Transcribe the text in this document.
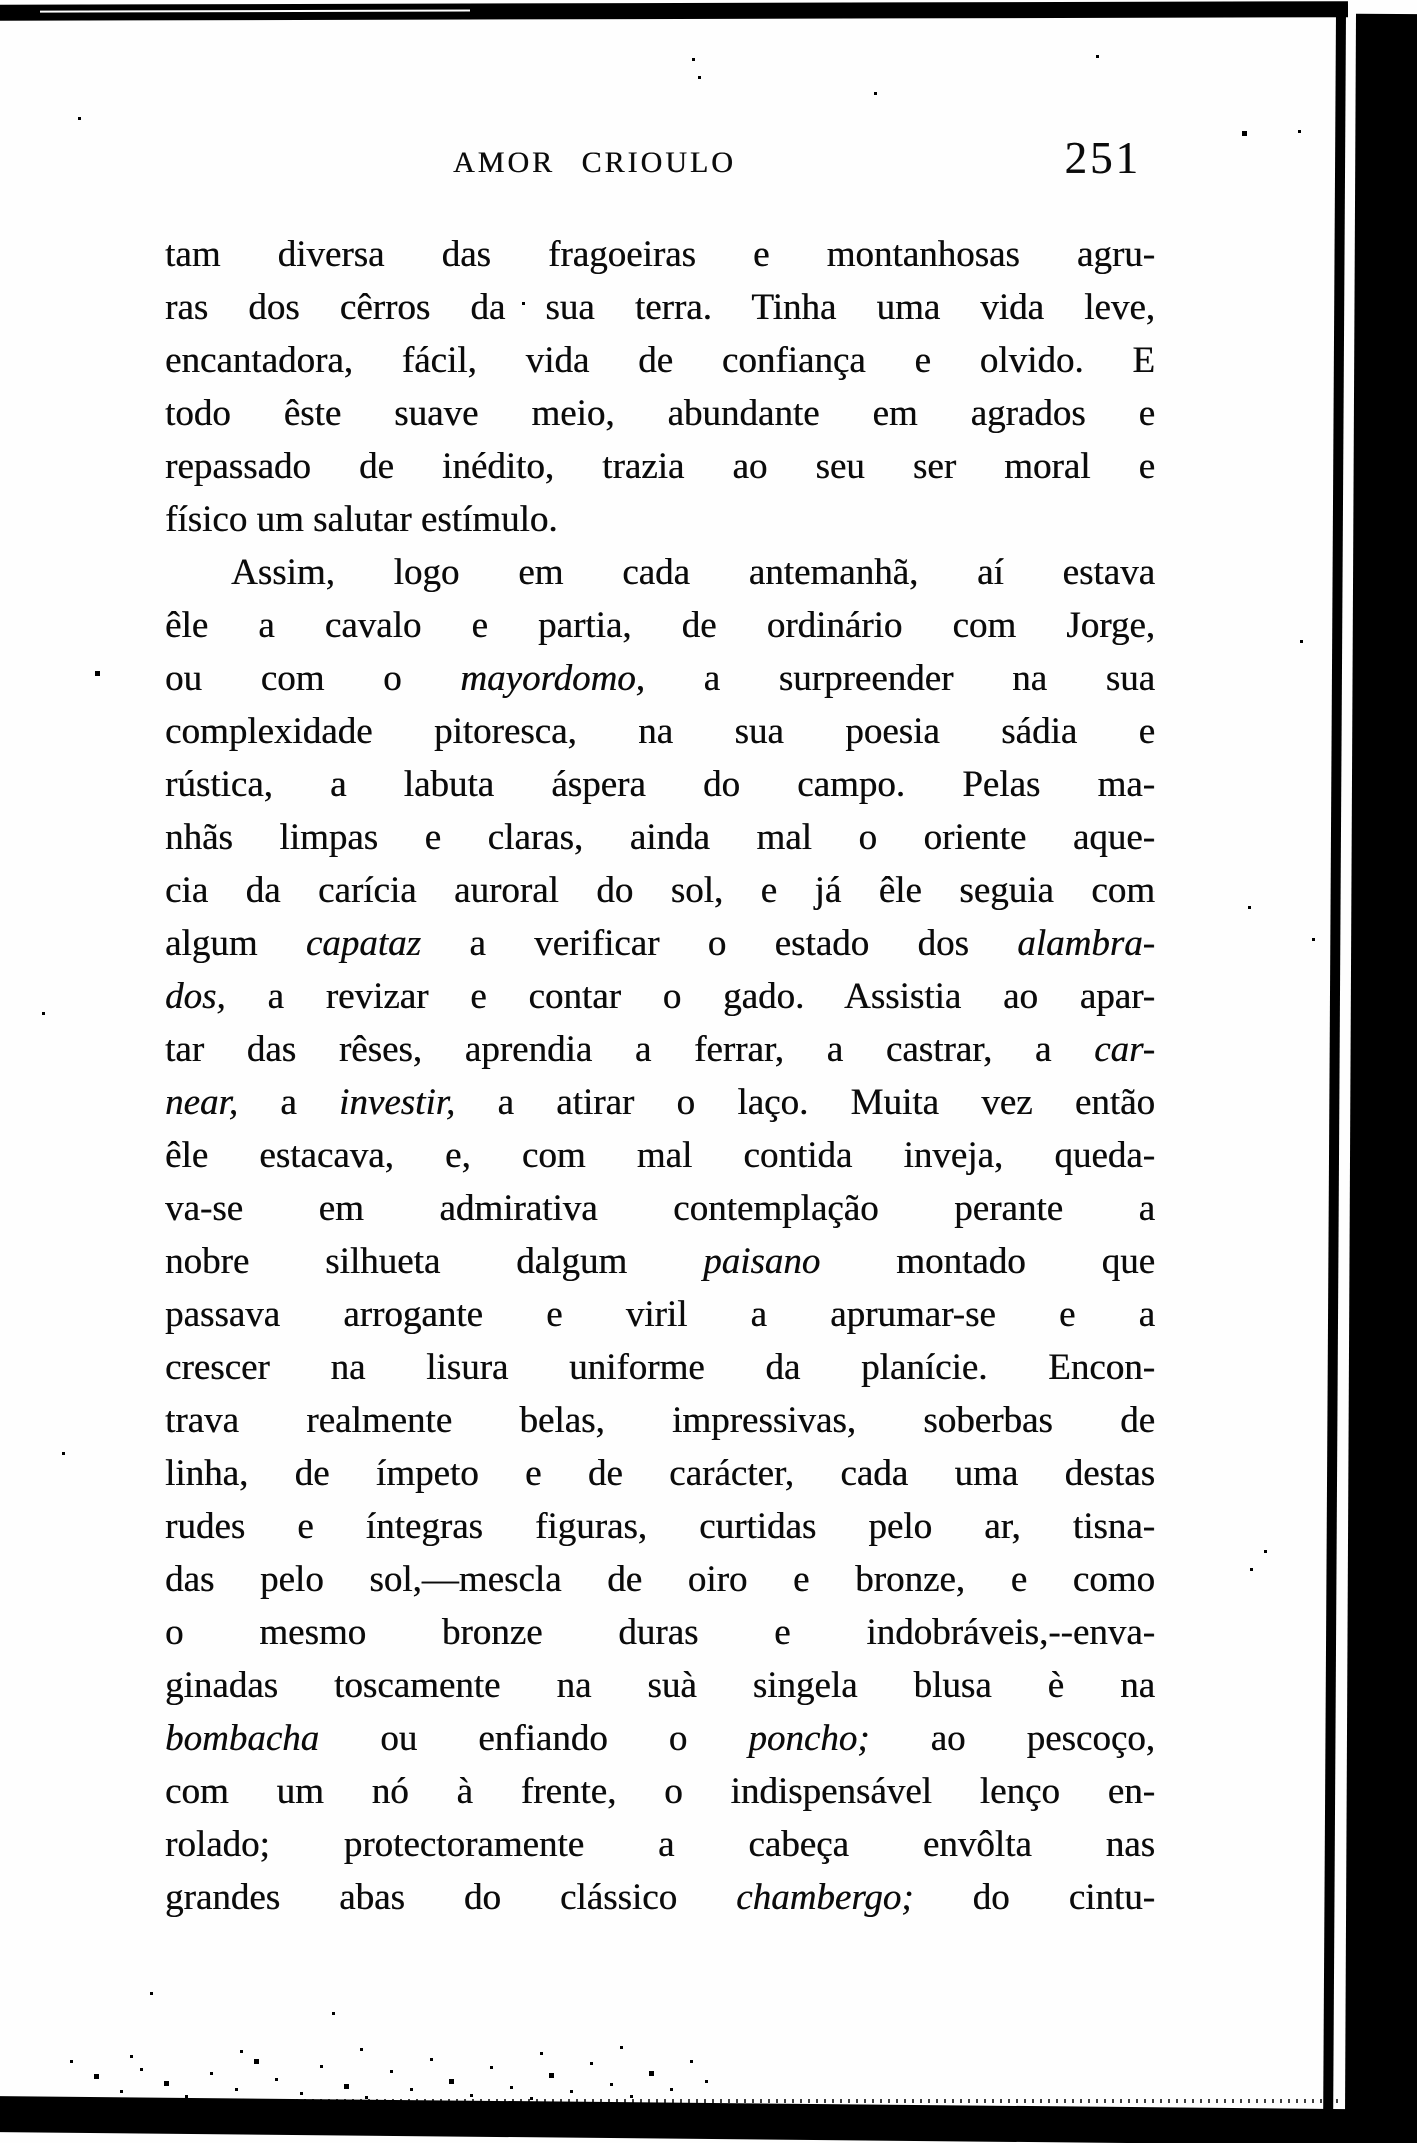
AMOR CRIOULO	251
tam diversa das fragoeiras e montanhosas agru-
ras dos cêrros da sua terra. Tinha uma vida leve,
encantadora, fácil, vida de confiança e olvido. E
todo êste suave meio, abundante em agrados e
repassado de inédito, trazia ao seu ser moral e
físico um salutar estímulo.
Assim, logo em cada antemanhã, aí estava
êle a cavalo e partia, de ordinário com Jorge,
ou com o mayordomo, a surpreender na sua
complexidade pitoresca, na sua poesia sádia e
rústica, a labuta áspera do campo. Pelas ma-
nhãs limpas e claras, ainda mal o oriente aque-
cia da carícia auroral do sol, e já êle seguia com
algum capataz a verificar o estado dos alambra-
dos, a revizar e contar o gado. Assistia ao apar-
tar das rêses, aprendia a ferrar, a castrar, a car-
near, a investir, a atirar o laço. Muita vez então
êle estacava, e, com mal contida inveja, queda-
va-se em admirativa contemplação perante a
nobre silhueta dalgum paisano montado que
passava arrogante e viril a aprumar-se e a
crescer na lisura uniforme da planície. Encon-
trava realmente belas, impressivas, soberbas de
linha, de ímpeto e de carácter, cada uma destas
rudes e íntegras figuras, curtidas pelo ar, tisna-
das pelo sol,—mescla de oiro e bronze, e como
o mesmo bronze duras e indobráveis,--enva-
ginadas toscamente na suà singela blusa è na
bombacha ou enfiando o poncho; ao pescoço,
com um nó à frente, o indispensável lenço en-
rolado; protectoramente a cabeça envôlta nas
grandes abas do clássico chambergo; do cintu-
